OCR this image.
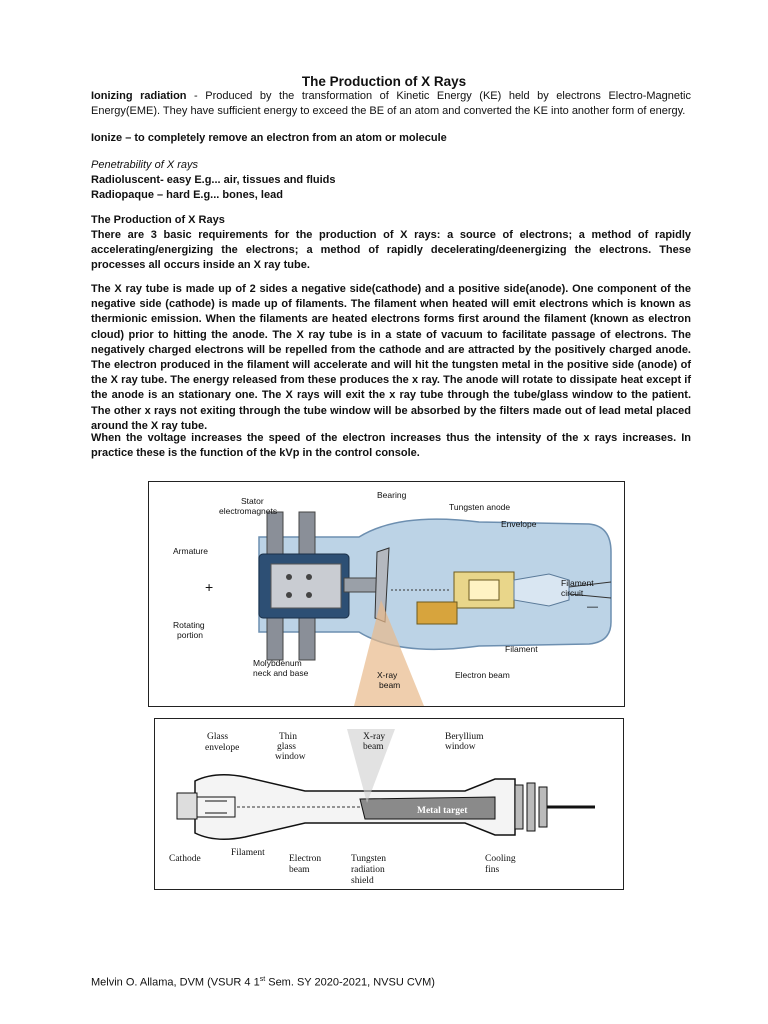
The Production of X Rays
Ionizing radiation - Produced by the transformation of Kinetic Energy (KE) held by electrons Electro-Magnetic Energy(EME). They have sufficient energy to exceed the BE of an atom and converted the KE into another form of energy.
Ionize – to completely remove an electron from an atom or molecule
Penetrability of X rays
Radioluscent- easy E.g... air, tissues and fluids
Radiopaque – hard E.g... bones, lead
The Production of X Rays
There are 3 basic requirements for the production of X rays: a source of electrons; a method of rapidly accelerating/energizing the electrons; a method of rapidly decelerating/deenergizing the electrons. These processes all occurs inside an X ray tube.
The X ray tube is made up of 2 sides a negative side(cathode) and a positive side(anode). One component of the negative side (cathode) is made up of filaments. The filament when heated will emit electrons which is known as thermionic emission. When the filaments are heated electrons forms first around the filament (known as electron cloud) prior to hitting the anode. The X ray tube is in a state of vacuum to facilitate passage of electrons. The negatively charged electrons will be repelled from the cathode and are attracted by the positively charged anode. The electron produced in the filament will accelerate and will hit the tungsten metal in the positive side (anode) of the X ray tube. The energy released from these produces the x ray. The anode will rotate to dissipate heat except if the anode is an stationary one. The X rays will exit the x ray tube through the tube/glass window to the patient. The other x rays not exiting through the tube window will be absorbed by the filters made out of lead metal placed around the X ray tube.
When the voltage increases the speed of the electron increases thus the intensity of the x rays increases. In practice these is the function of the kVp in the control console.
Stator
electromagnets
Bearing
Tungsten anode
Envelope
Armature
+
—
Filament
circuit
Rotating
portion
Molybdenum
neck and base	X-ray
beam
Filament
Electron beam
Metal target
Glass
envelope
Thin
glass
window
X-ray
beam
Beryllium
window
Filament
Cathode	Electron
beam
Tungsten
radiation
shield
Cooling
fins
Melvin O. Allama, DVM (VSUR 4 1st Sem. SY 2020-2021, NVSU CVM)
